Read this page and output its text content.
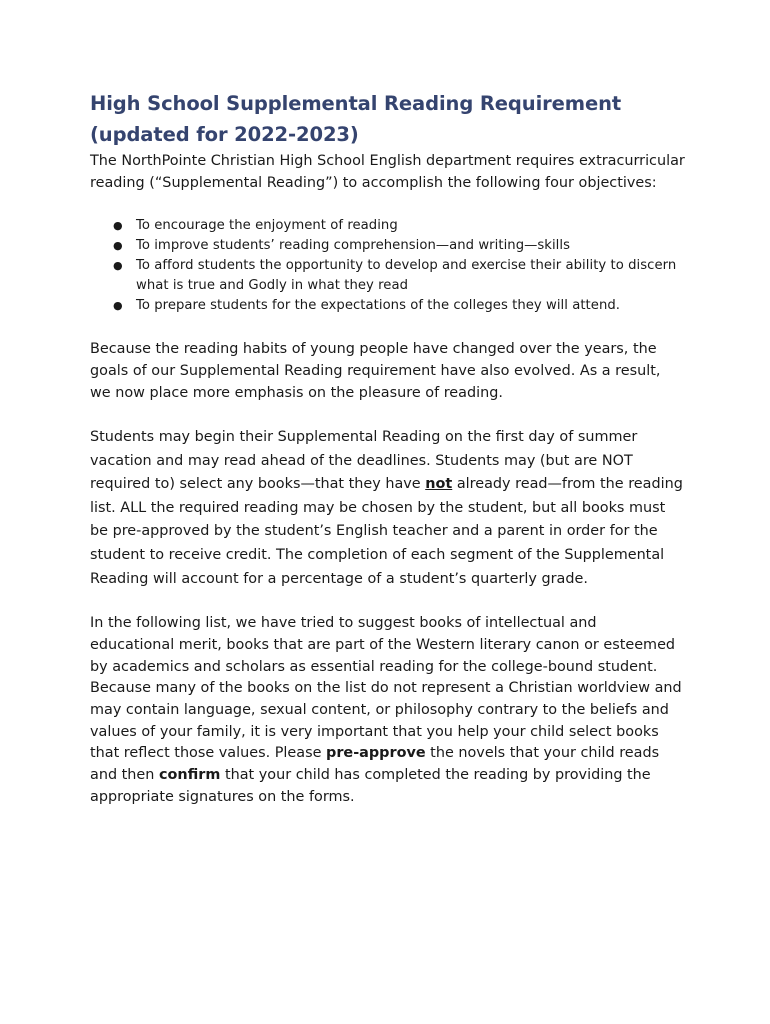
High School Supplemental Reading Requirement
(updated for 2022-2023)

The NorthPointe Christian High School English department requires extracurricular reading (“Supplemental Reading”) to accomplish the following four objectives:

● To encourage the enjoyment of reading
● To improve students’ reading comprehension—and writing—skills
● To afford students the opportunity to develop and exercise their ability to discern what is true and Godly in what they read
● To prepare students for the expectations of the colleges they will attend.

Because the reading habits of young people have changed over the years, the goals of our Supplemental Reading requirement have also evolved. As a result, we now place more emphasis on the pleasure of reading.

Students may begin their Supplemental Reading on the first day of summer vacation and may read ahead of the deadlines. Students may (but are NOT required to) select any books—that they have not already read—from the reading list. ALL the required reading may be chosen by the student, but all books must be pre-approved by the student’s English teacher and a parent in order for the student to receive credit. The completion of each segment of the Supplemental Reading will account for a percentage of a student’s quarterly grade.

In the following list, we have tried to suggest books of intellectual and educational merit, books that are part of the Western literary canon or esteemed by academics and scholars as essential reading for the college-bound student. Because many of the books on the list do not represent a Christian worldview and may contain language, sexual content, or philosophy contrary to the beliefs and values of your family, it is very important that you help your child select books that reflect those values. Please pre-approve the novels that your child reads and then confirm that your child has completed the reading by providing the appropriate signatures on the forms.
